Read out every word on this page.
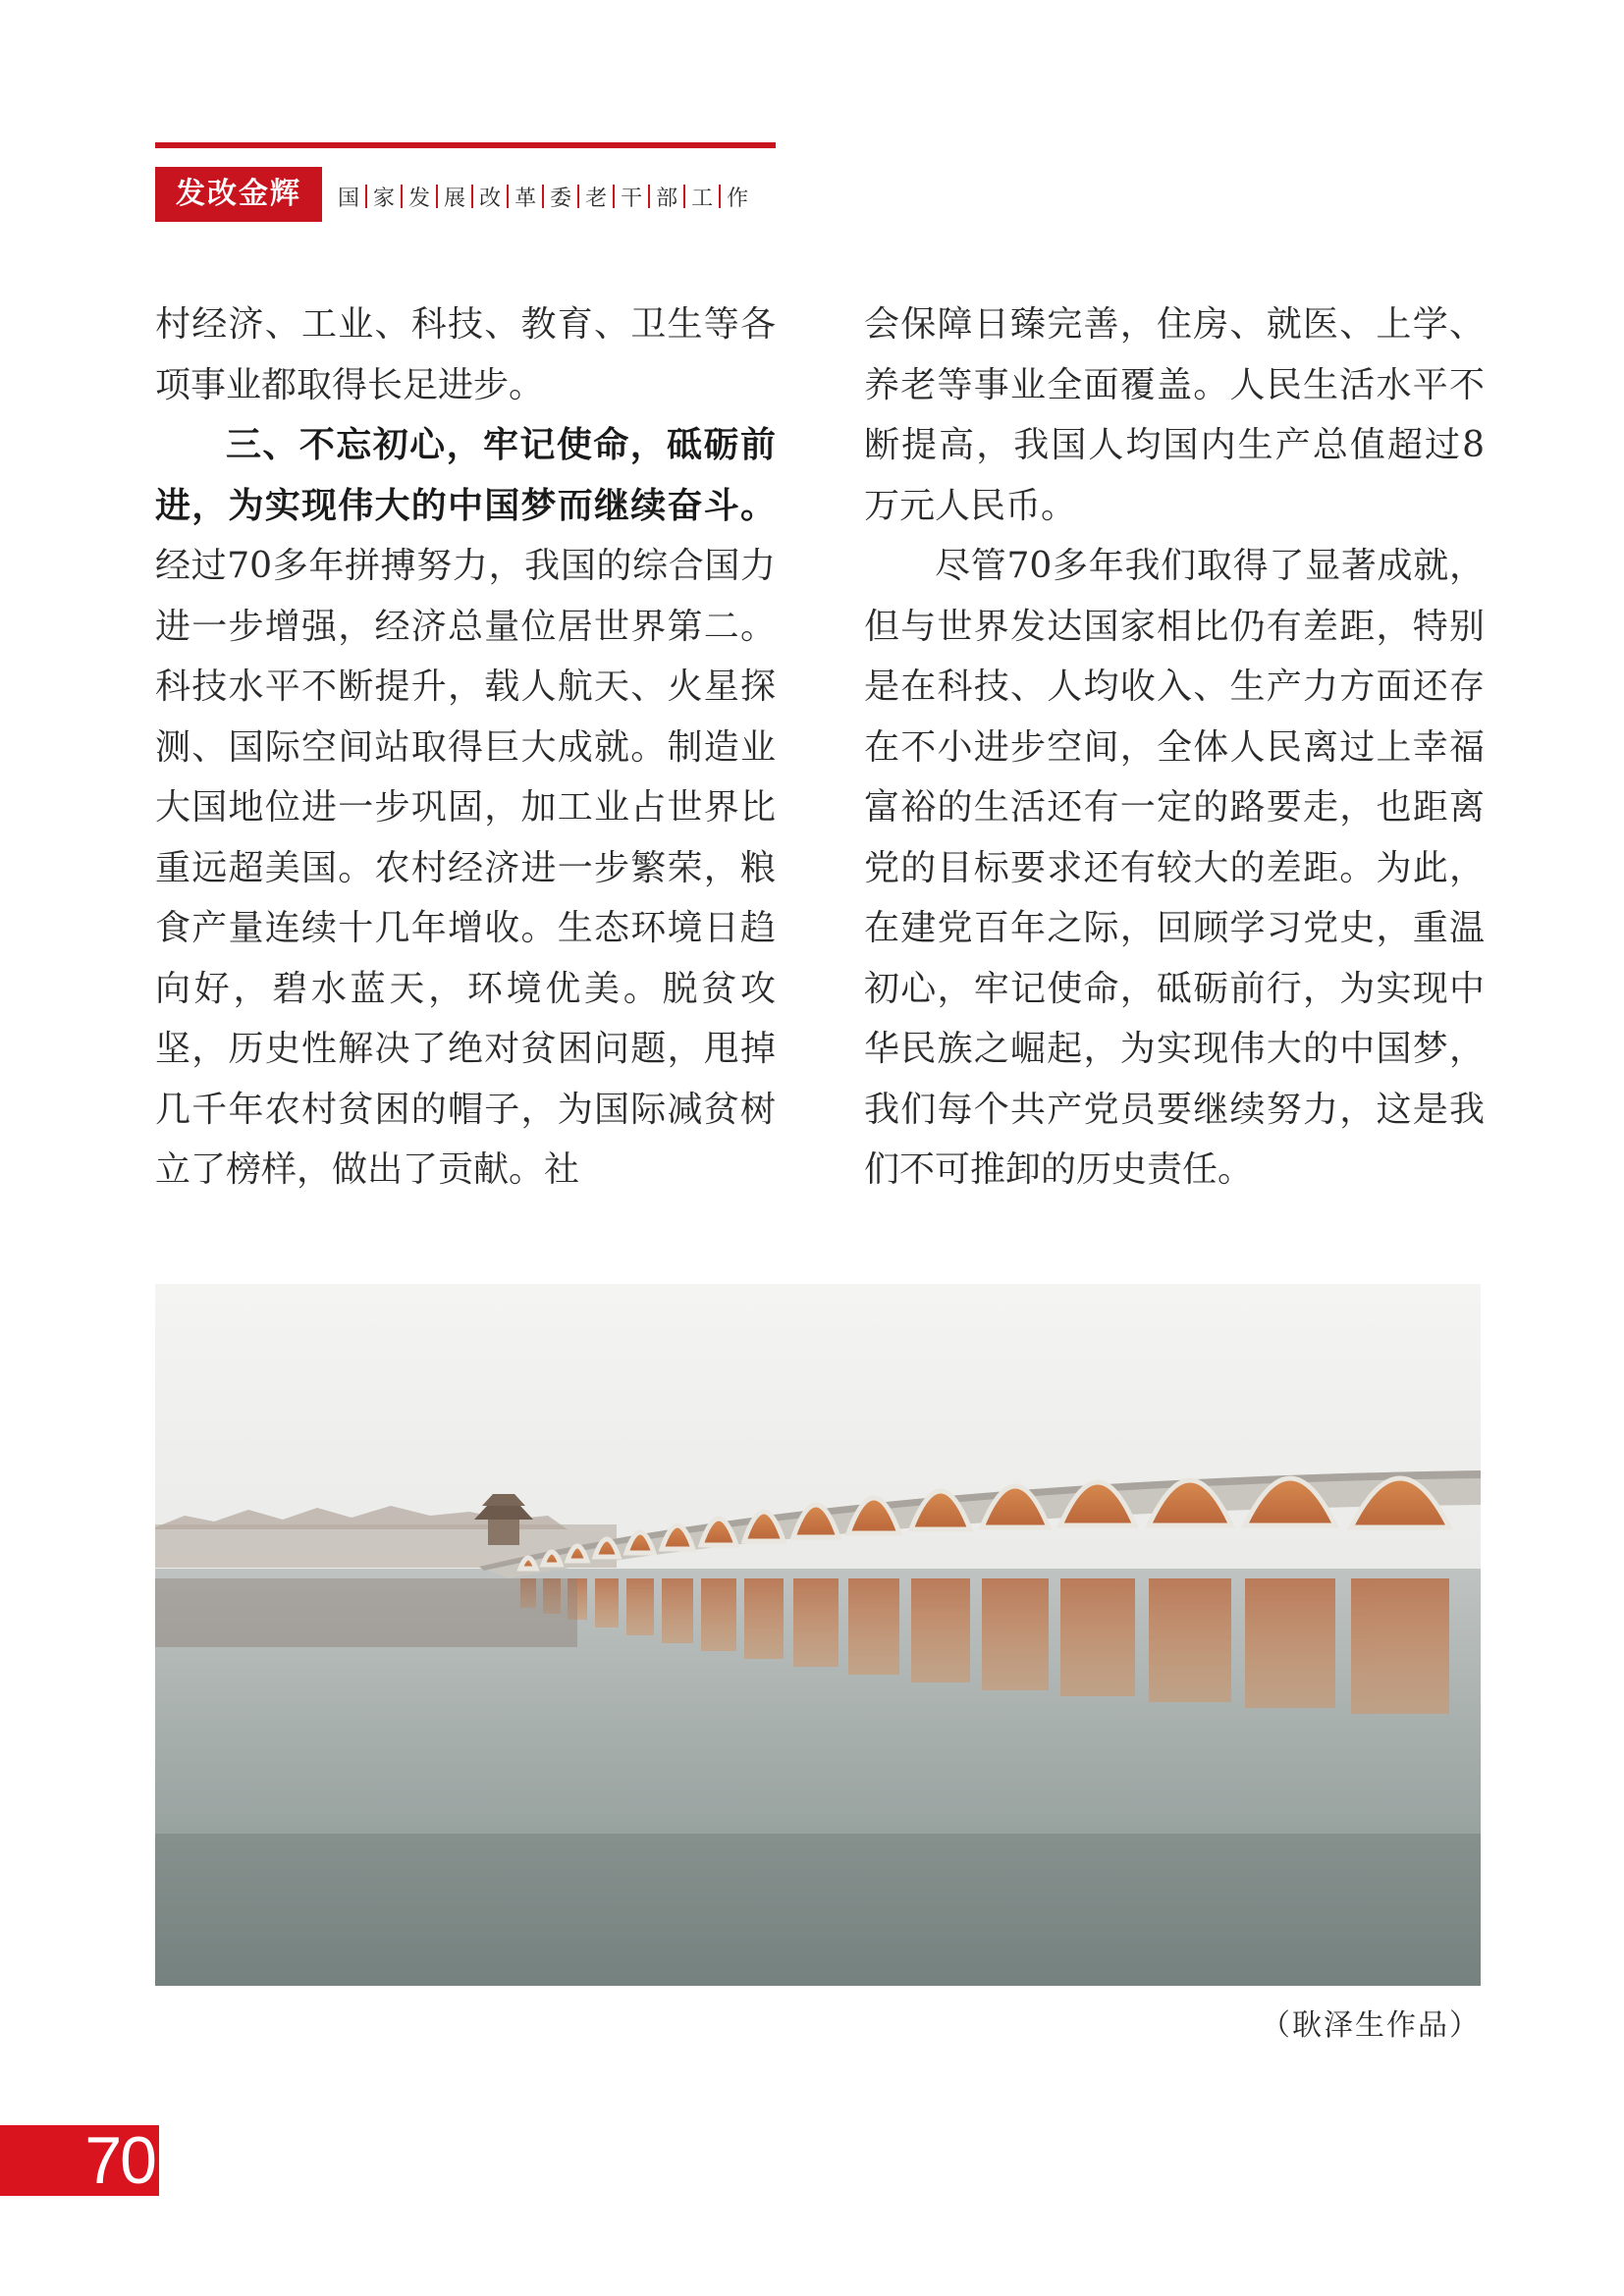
发改金辉	国 家 发 展 改 革 委 老 干 部 工 作

村经济、工业、科技、教育、卫生等各项事业都取得长足进步。

三、不忘初心，牢记使命，砥砺前进，为实现伟大的中国梦而继续奋斗。经过70多年拼搏努力，我国的综合国力进一步增强，经济总量位居世界第二。科技水平不断提升，载人航天、火星探测、国际空间站取得巨大成就。制造业大国地位进一步巩固，加工业占世界比重远超美国。农村经济进一步繁荣，粮食产量连续十几年增收。生态环境日趋向好，碧水蓝天，环境优美。脱贫攻坚，历史性解决了绝对贫困问题，甩掉几千年农村贫困的帽子，为国际减贫树立了榜样，做出了贡献。社

会保障日臻完善，住房、就医、上学、养老等事业全面覆盖。人民生活水平不断提高，我国人均国内生产总值超过8万元人民币。

尽管70多年我们取得了显著成就，但与世界发达国家相比仍有差距，特别是在科技、人均收入、生产力方面还存在不小进步空间，全体人民离过上幸福富裕的生活还有一定的路要走，也距离党的目标要求还有较大的差距。为此，在建党百年之际，回顾学习党史，重温初心，牢记使命，砥砺前行，为实现中华民族之崛起，为实现伟大的中国梦，我们每个共产党员要继续努力，这是我们不可推卸的历史责任。

（耿泽生作品）
70
